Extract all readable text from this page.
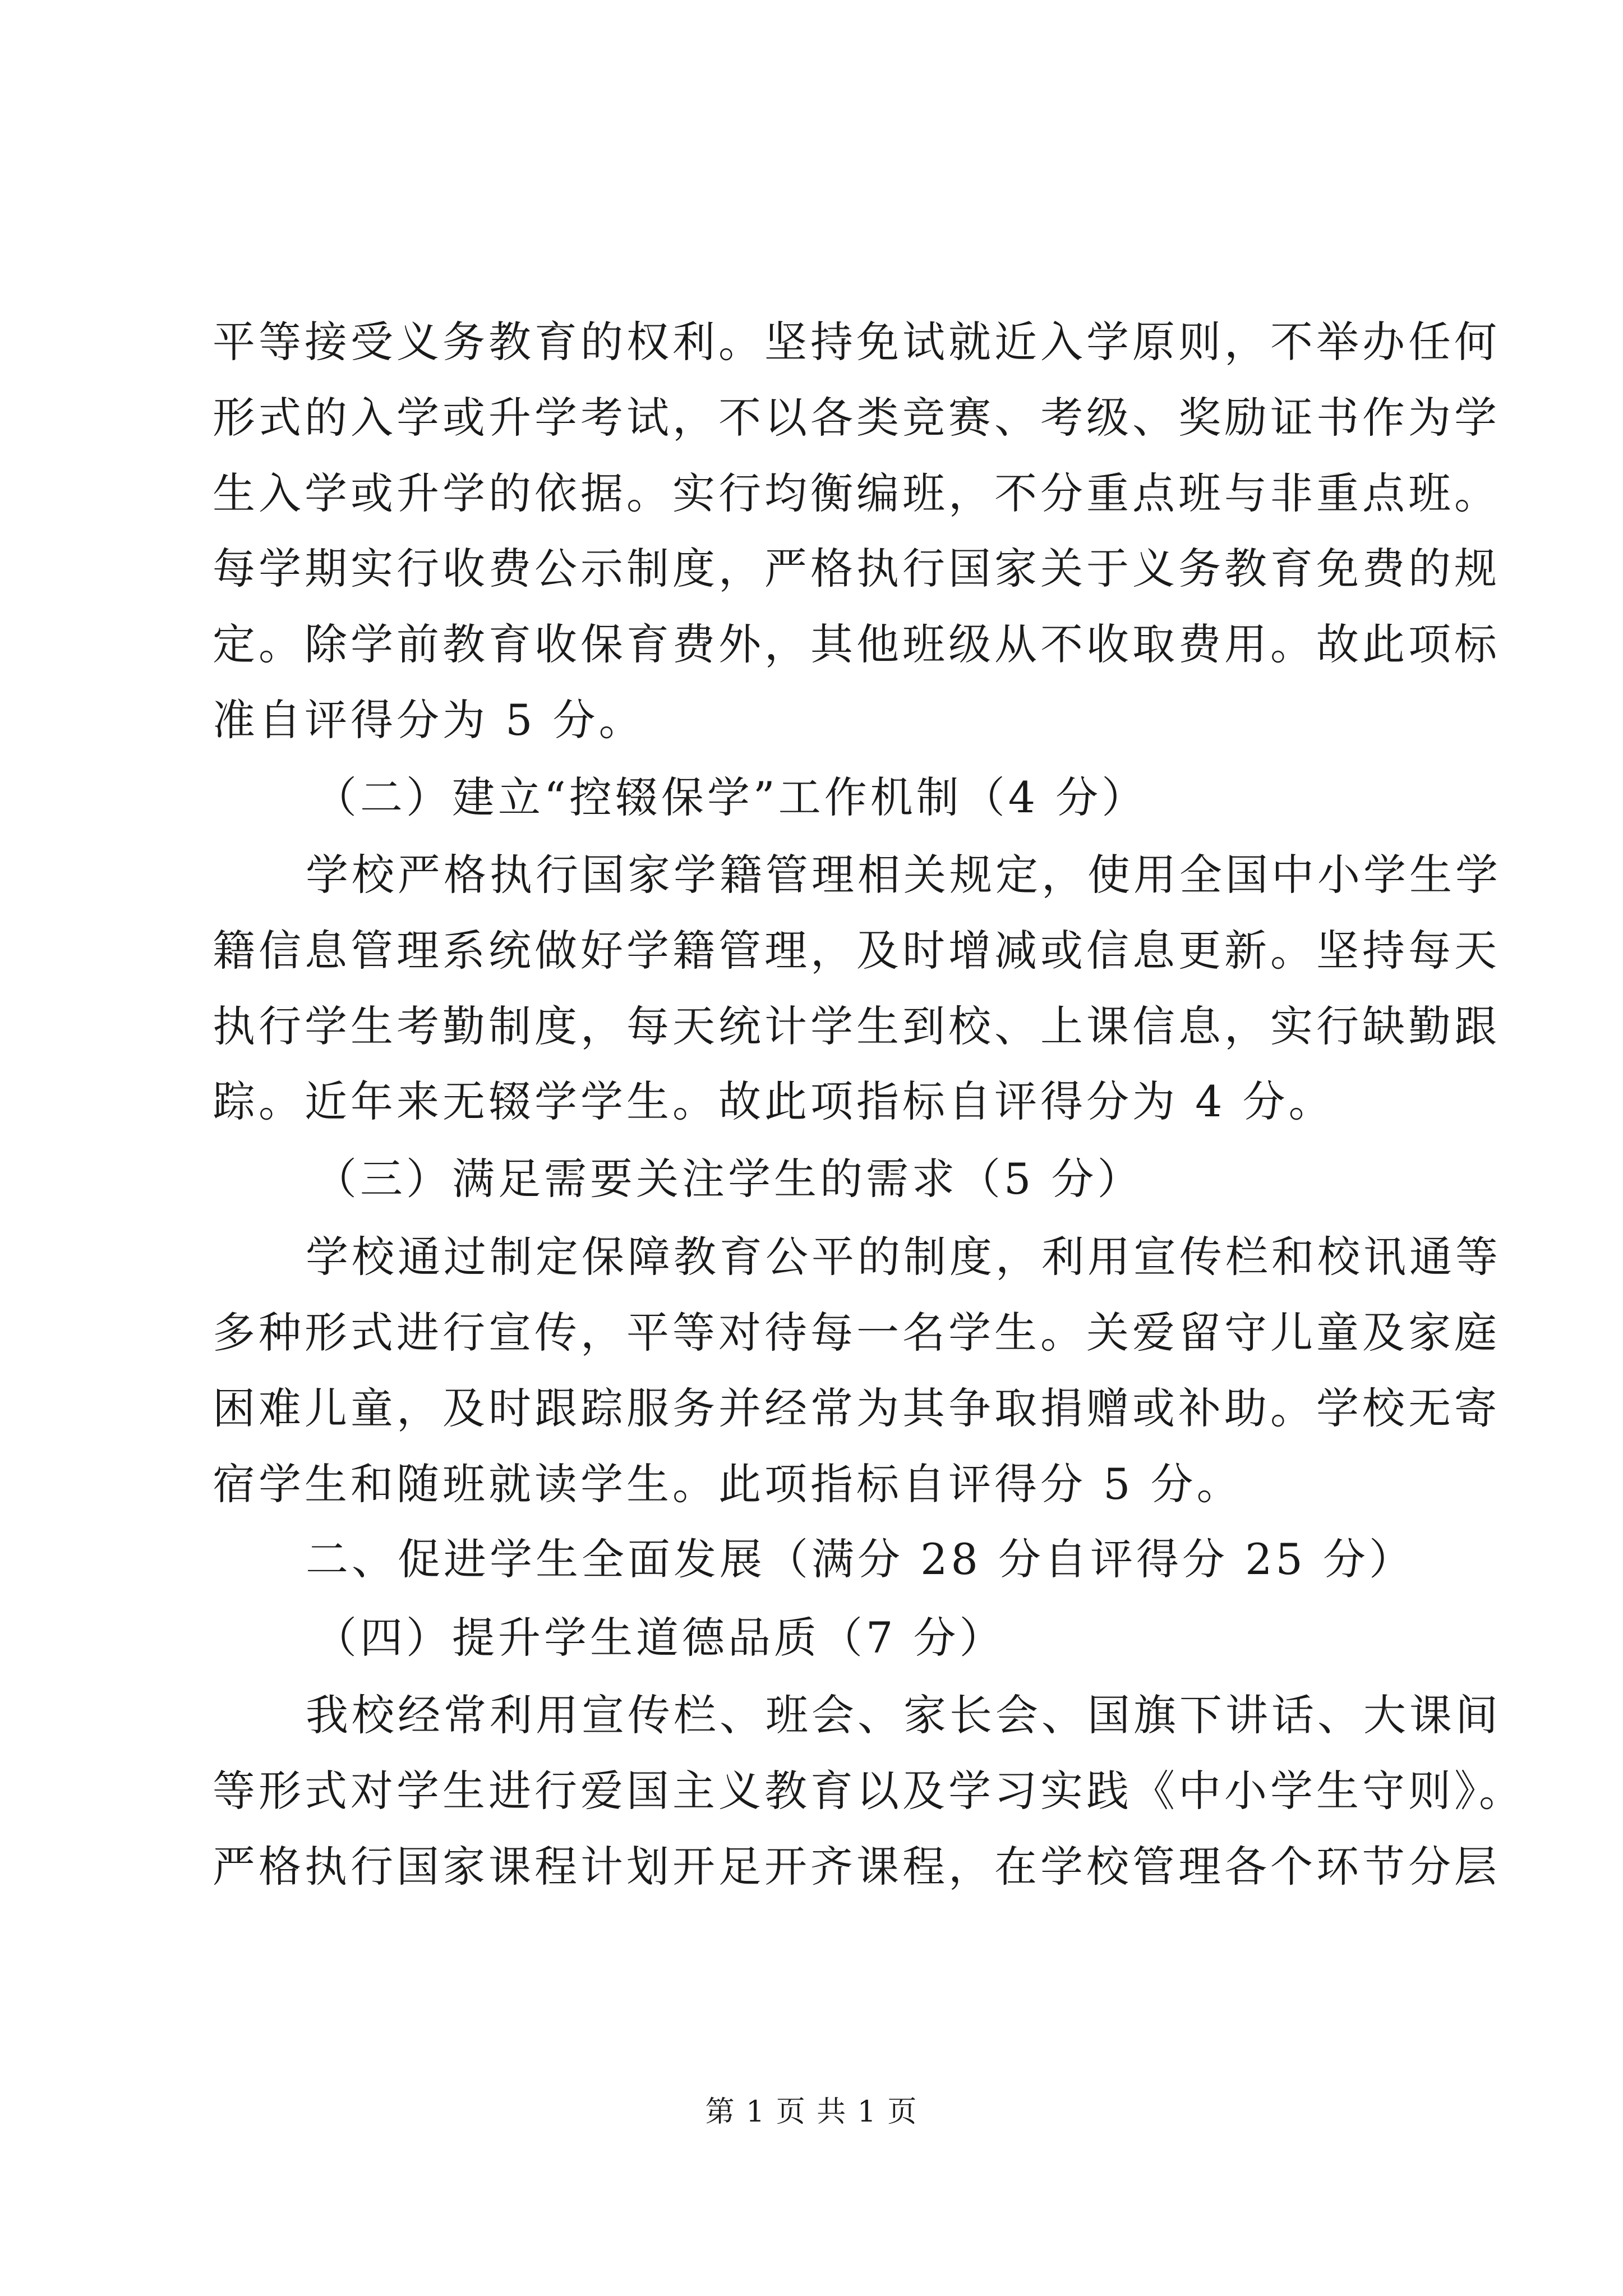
平等接受义务教育的权利。坚持免试就近入学原则，不举办任何
形式的入学或升学考试，不以各类竞赛、考级、奖励证书作为学
生入学或升学的依据。实行均衡编班，不分重点班与非重点班。
每学期实行收费公示制度，严格执行国家关于义务教育免费的规
定。除学前教育收保育费外，其他班级从不收取费用。故此项标
准自评得分为 5 分。
（二）建立“控辍保学”工作机制（4 分）
学校严格执行国家学籍管理相关规定，使用全国中小学生学
籍信息管理系统做好学籍管理，及时增减或信息更新。坚持每天
执行学生考勤制度，每天统计学生到校、上课信息，实行缺勤跟
踪。近年来无辍学学生。故此项指标自评得分为 4 分。
（三）满足需要关注学生的需求（5 分）
学校通过制定保障教育公平的制度，利用宣传栏和校讯通等
多种形式进行宣传，平等对待每一名学生。关爱留守儿童及家庭
困难儿童，及时跟踪服务并经常为其争取捐赠或补助。学校无寄
宿学生和随班就读学生。此项指标自评得分 5 分。
二、促进学生全面发展（满分 28 分自评得分 25 分）
（四）提升学生道德品质（7 分）
我校经常利用宣传栏、班会、家长会、国旗下讲话、大课间
等形式对学生进行爱国主义教育以及学习实践《中小学生守则》。
严格执行国家课程计划开足开齐课程，在学校管理各个环节分层
第 1 页 共 1 页
